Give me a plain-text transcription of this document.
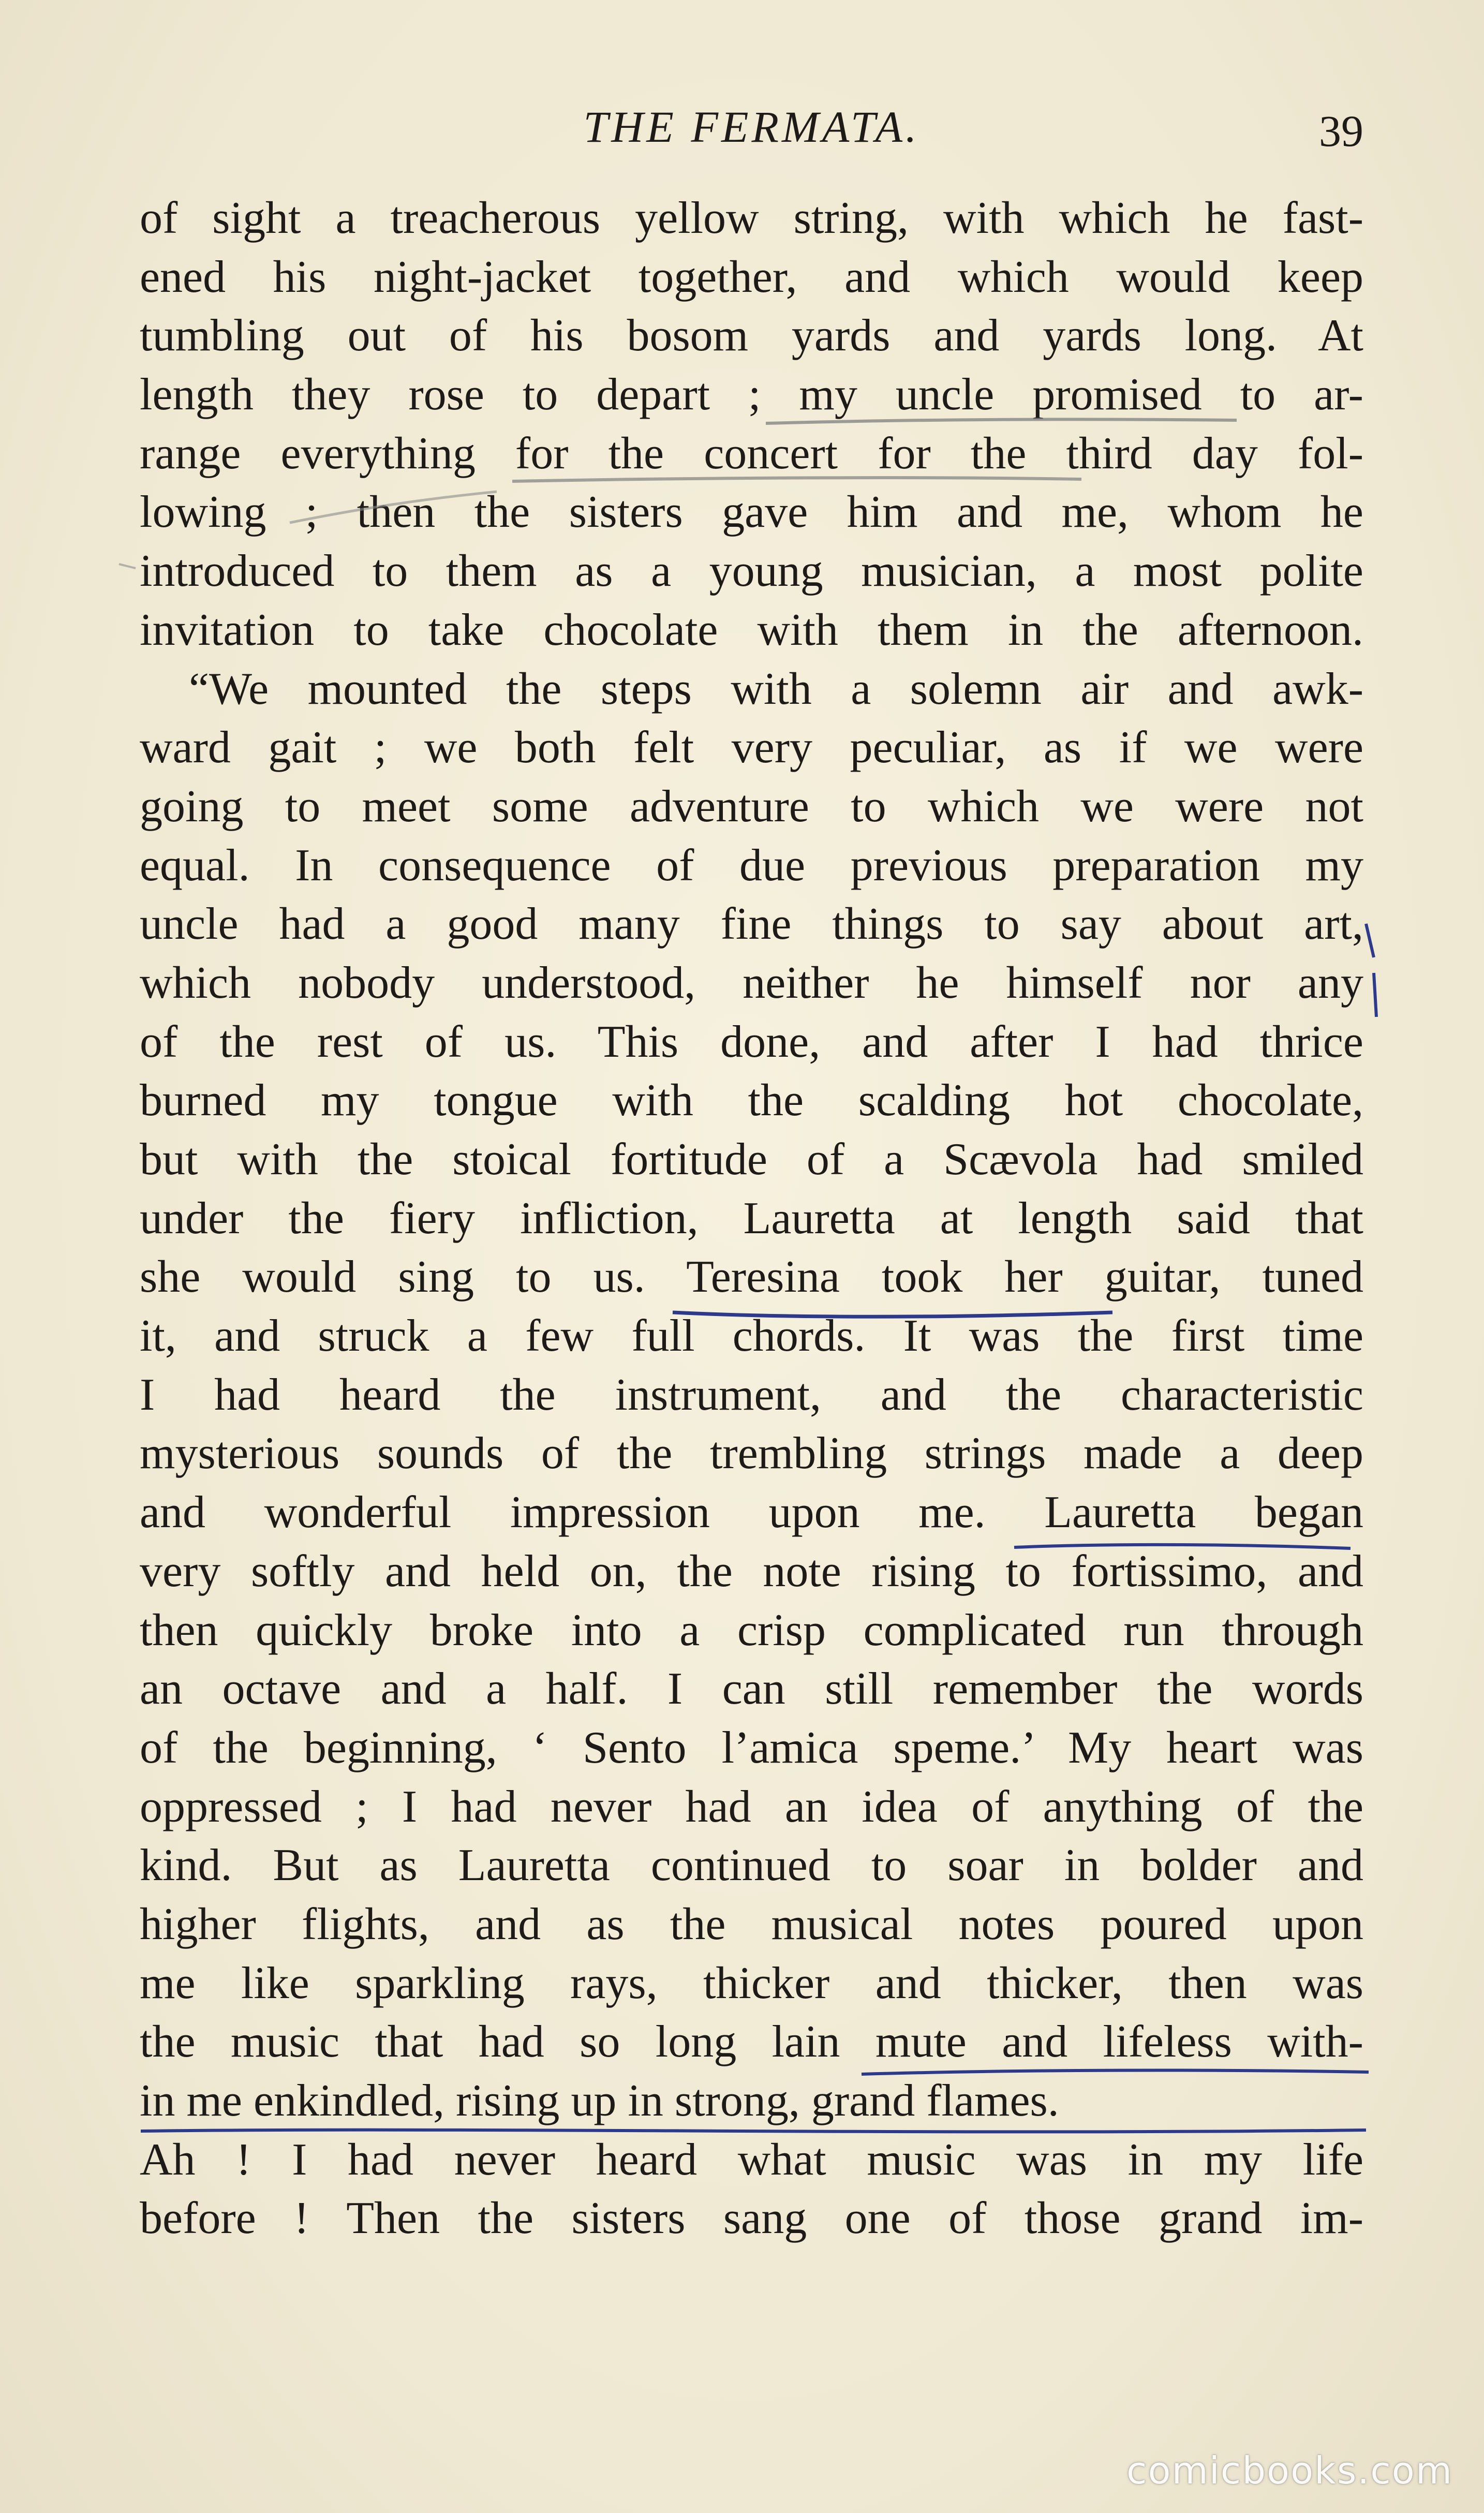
THE FERMATA.	39
of sight a treacherous yellow string, with which he fast-
ened his night-jacket together, and which would keep
tumbling out of his bosom yards and yards long. At
length they rose to depart ; my uncle promised to ar-
range everything for the concert for the third day fol-
lowing ; then the sisters gave him and me, whom he
introduced to them as a young musician, a most polite
invitation to take chocolate with them in the afternoon.
“We mounted the steps with a solemn air and awk-
ward gait ; we both felt very peculiar, as if we were
going to meet some adventure to which we were not
equal. In consequence of due previous preparation my
uncle had a good many fine things to say about art,
which nobody understood, neither he himself nor any
of the rest of us. This done, and after I had thrice
burned my tongue with the scalding hot chocolate,
but with the stoical fortitude of a Scævola had smiled
under the fiery infliction, Lauretta at length said that
she would sing to us. Teresina took her guitar, tuned
it, and struck a few full chords. It was the first time
I had heard the instrument, and the characteristic
mysterious sounds of the trembling strings made a deep
and wonderful impression upon me. Lauretta began
very softly and held on, the note rising to fortissimo, and
then quickly broke into a crisp complicated run through
an octave and a half. I can still remember the words
of the beginning, ‘ Sento l’amica speme.’ My heart was
oppressed ; I had never had an idea of anything of the
kind. But as Lauretta continued to soar in bolder and
higher flights, and as the musical notes poured upon
me like sparkling rays, thicker and thicker, then was
the music that had so long lain mute and lifeless with-
in me enkindled, rising up in strong, grand flames.
Ah ! I had never heard what music was in my life
before ! Then the sisters sang one of those grand im-
comicbooks.com
